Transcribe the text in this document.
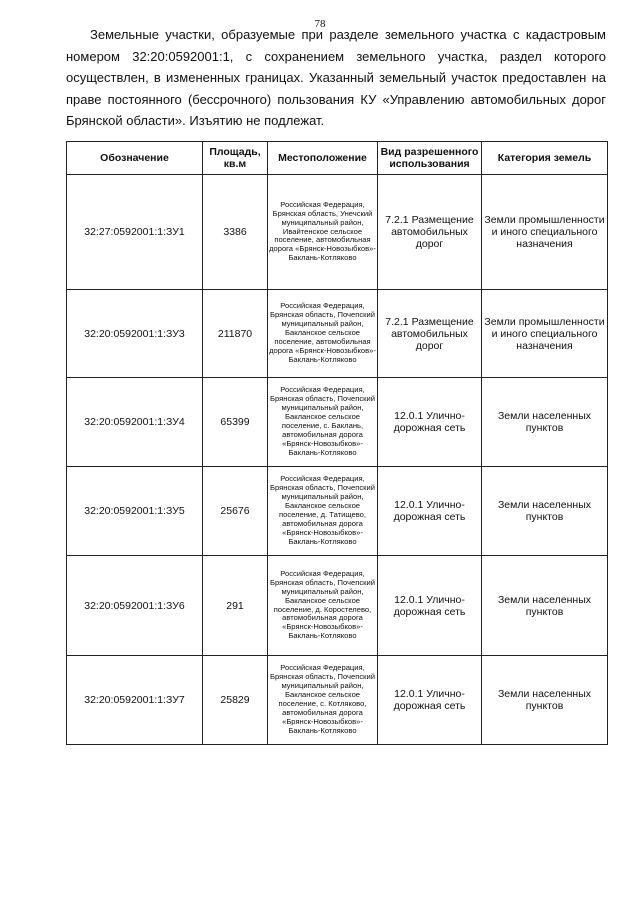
78

Земельные участки, образуемые при разделе земельного участка с кадастровым номером 32:20:0592001:1, с сохранением земельного участка, раздел которого осуществлен, в измененных границах. Указанный земельный участок предоставлен на праве постоянного (бессрочного) пользования КУ «Управлению автомобильных дорог Брянской области». Изъятию не подлежат.

Обозначение	Площадь, кв.м	Местоположение	Вид разрешенного использования	Категория земель
32:27:0592001:1:ЗУ1	3386	Российская Федерация, Брянская область, Унечский муниципальный район, Ивайтенское сельское поселение, автомобильная дорога «Брянск-Новозыбков»-Баклань-Котляково	7.2.1 Размещение автомобильных дорог	Земли промышленности и иного специального назначения
32:20:0592001:1:ЗУ3	211870	Российская Федерация, Брянская область, Почепский муниципальный район, Бакланское сельское поселение, автомобильная дорога «Брянск-Новозыбков»-Баклань-Котляково	7.2.1 Размещение автомобильных дорог	Земли промышленности и иного специального назначения
32:20:0592001:1:ЗУ4	65399	Российская Федерация, Брянская область, Почепский муниципальный район, Бакланское сельское поселение, с. Баклань, автомобильная дорога «Брянск-Новозыбков»-Баклань-Котляково	12.0.1 Улично-дорожная сеть	Земли населенных пунктов
32:20:0592001:1:ЗУ5	25676	Российская Федерация, Брянская область, Почепский муниципальный район, Бакланское сельское поселение, д. Татищево, автомобильная дорога «Брянск-Новозыбков»-Баклань-Котляково	12.0.1 Улично-дорожная сеть	Земли населенных пунктов
32:20:0592001:1:ЗУ6	291	Российская Федерация, Брянская область, Почепский муниципальный район, Бакланское сельское поселение, д. Коростелево, автомобильная дорога «Брянск-Новозыбков»-Баклань-Котляково	12.0.1 Улично-дорожная сеть	Земли населенных пунктов
32:20:0592001:1:ЗУ7	25829	Российская Федерация, Брянская область, Почепский муниципальный район, Бакланское сельское поселение, с. Котляково, автомобильная дорога «Брянск-Новозыбков»-Баклань-Котляково	12.0.1 Улично-дорожная сеть	Земли населенных пунктов
